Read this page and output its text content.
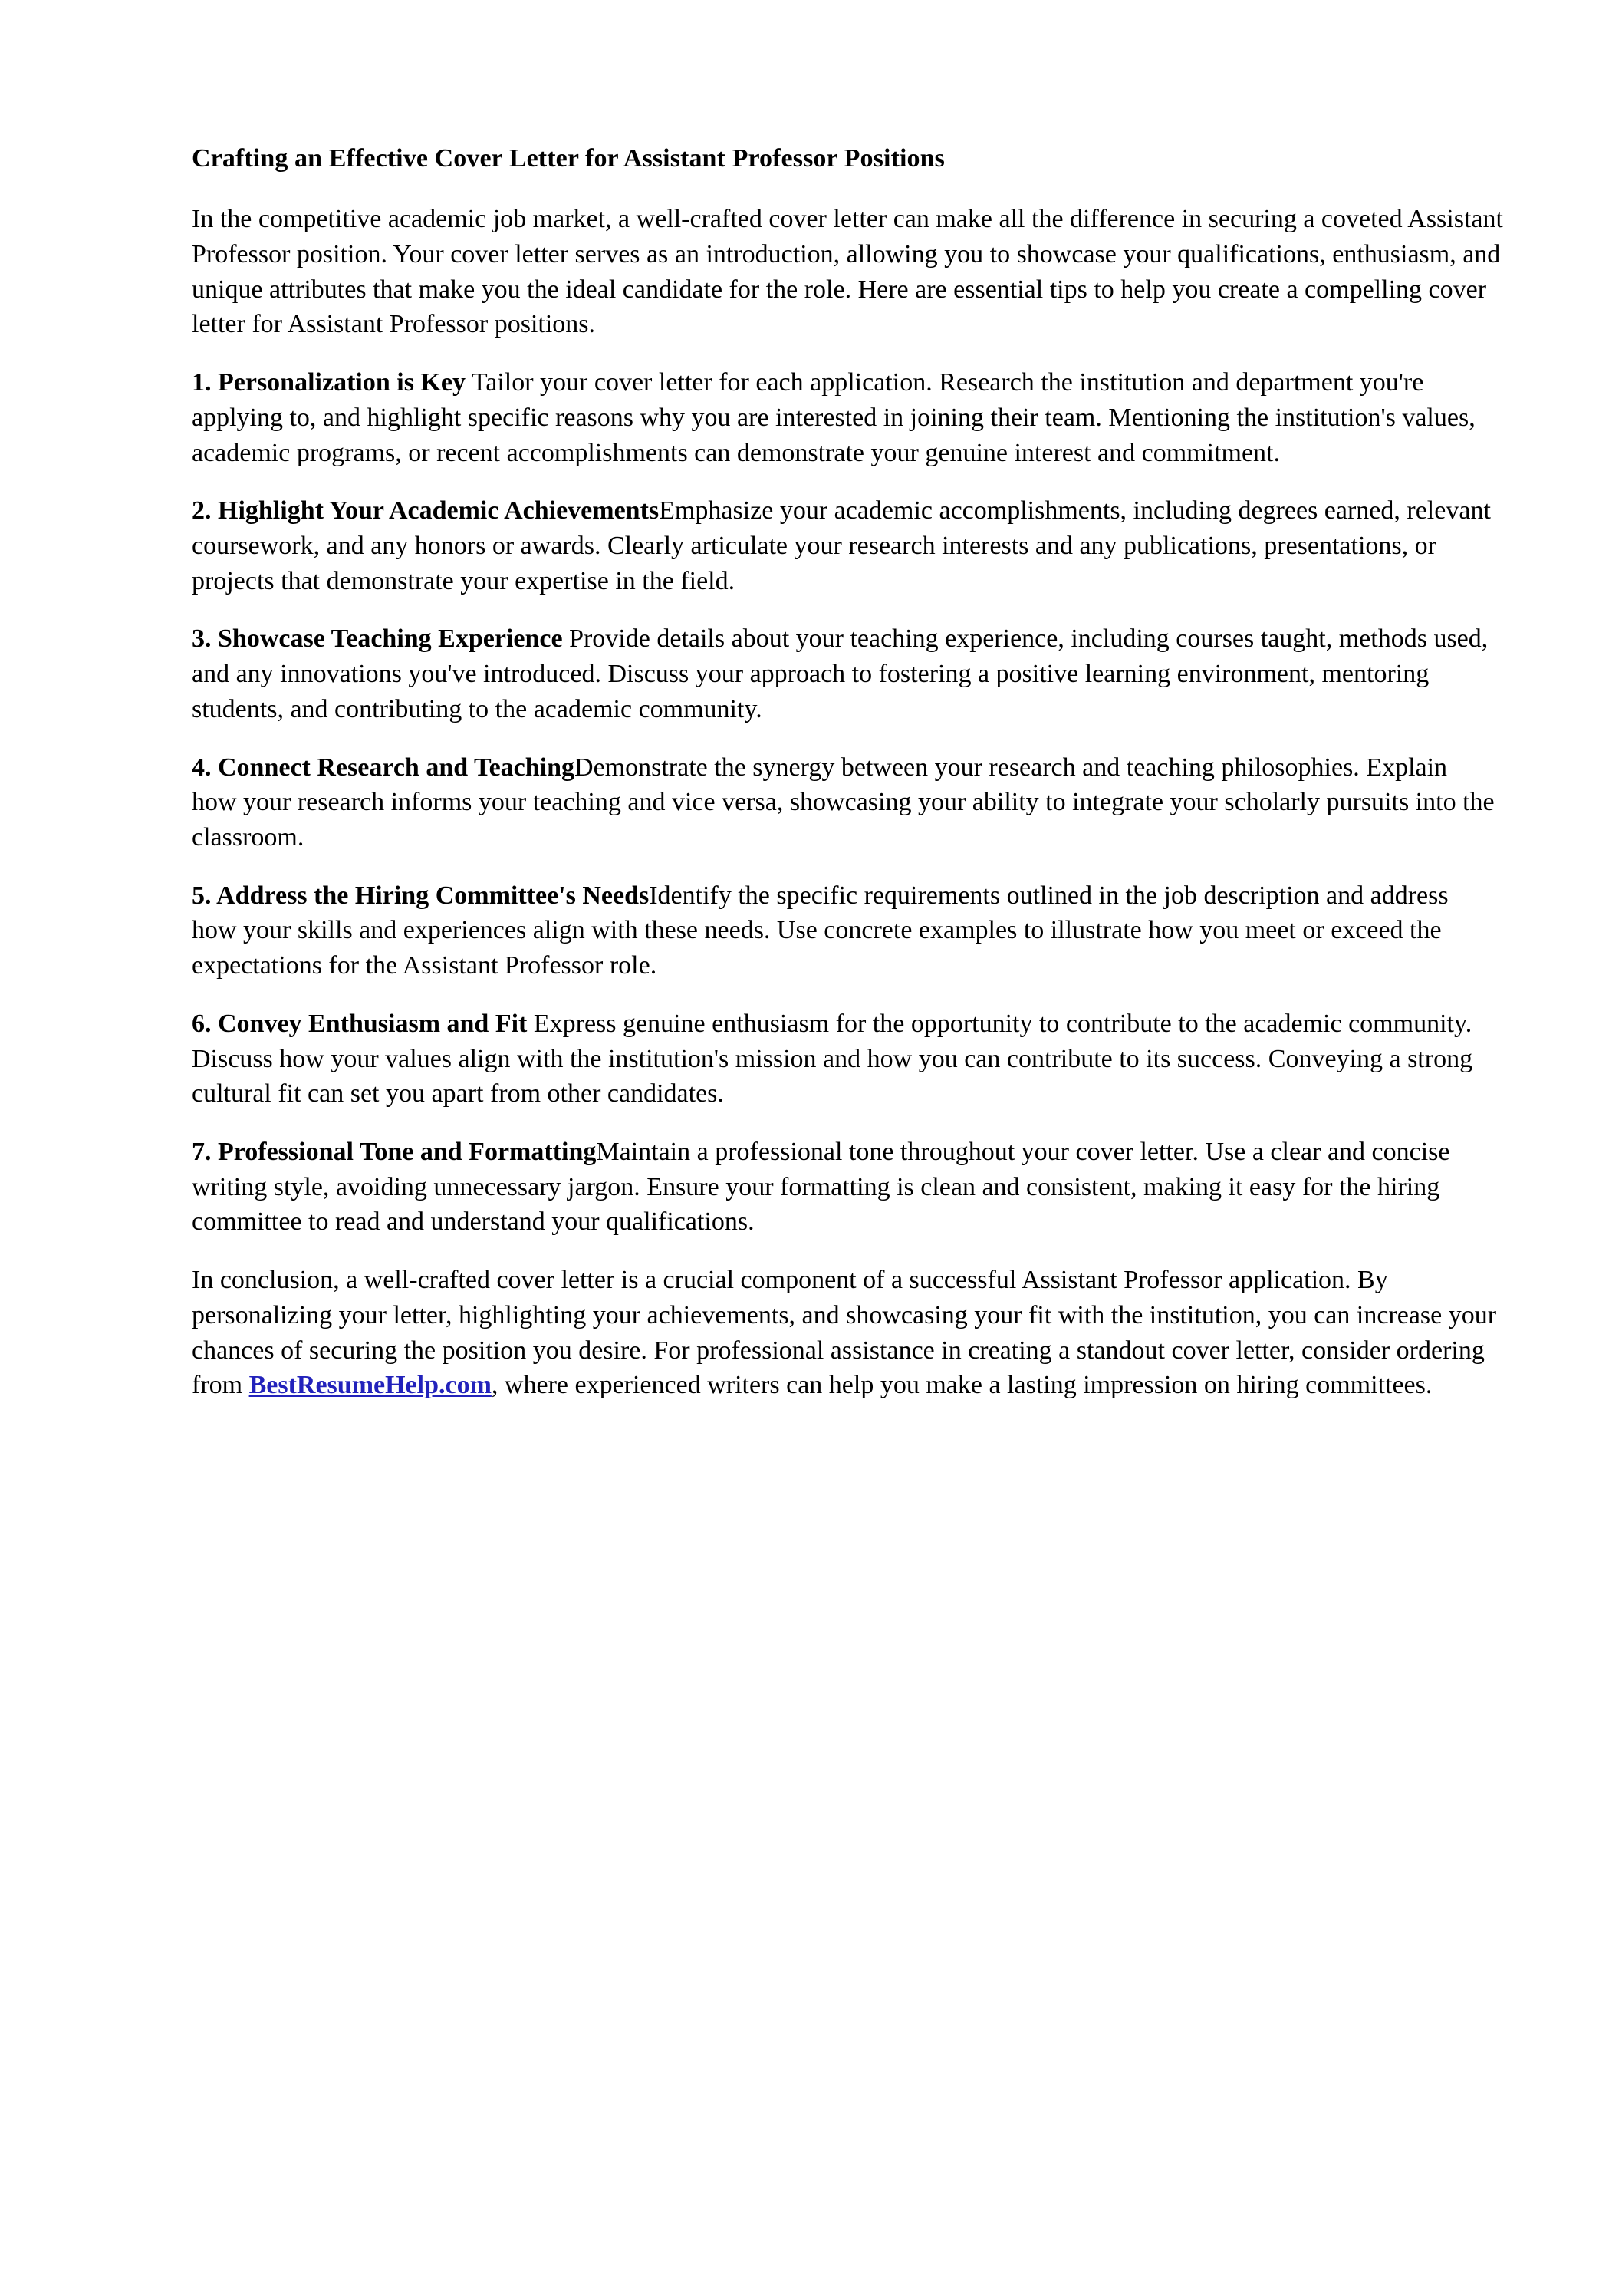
Crafting an Effective Cover Letter for Assistant Professor Positions

In the competitive academic job market, a well-crafted cover letter can make all the difference in securing a coveted Assistant Professor position. Your cover letter serves as an introduction, allowing you to showcase your qualifications, enthusiasm, and unique attributes that make you the ideal candidate for the role. Here are essential tips to help you create a compelling cover letter for Assistant Professor positions.

1. Personalization is Key Tailor your cover letter for each application. Research the institution and department you're applying to, and highlight specific reasons why you are interested in joining their team. Mentioning the institution's values, academic programs, or recent accomplishments can demonstrate your genuine interest and commitment.

2. Highlight Your Academic AchievementsEmphasize your academic accomplishments, including degrees earned, relevant coursework, and any honors or awards. Clearly articulate your research interests and any publications, presentations, or projects that demonstrate your expertise in the field.

3. Showcase Teaching Experience Provide details about your teaching experience, including courses taught, methods used, and any innovations you've introduced. Discuss your approach to fostering a positive learning environment, mentoring students, and contributing to the academic community.

4. Connect Research and TeachingDemonstrate the synergy between your research and teaching philosophies. Explain how your research informs your teaching and vice versa, showcasing your ability to integrate your scholarly pursuits into the classroom.

5. Address the Hiring Committee's NeedsIdentify the specific requirements outlined in the job description and address how your skills and experiences align with these needs. Use concrete examples to illustrate how you meet or exceed the expectations for the Assistant Professor role.

6. Convey Enthusiasm and Fit Express genuine enthusiasm for the opportunity to contribute to the academic community. Discuss how your values align with the institution's mission and how you can contribute to its success. Conveying a strong cultural fit can set you apart from other candidates.

7. Professional Tone and FormattingMaintain a professional tone throughout your cover letter. Use a clear and concise writing style, avoiding unnecessary jargon. Ensure your formatting is clean and consistent, making it easy for the hiring committee to read and understand your qualifications.

In conclusion, a well-crafted cover letter is a crucial component of a successful Assistant Professor application. By personalizing your letter, highlighting your achievements, and showcasing your fit with the institution, you can increase your chances of securing the position you desire. For professional assistance in creating a standout cover letter, consider ordering from BestResumeHelp.com, where experienced writers can help you make a lasting impression on hiring committees.
